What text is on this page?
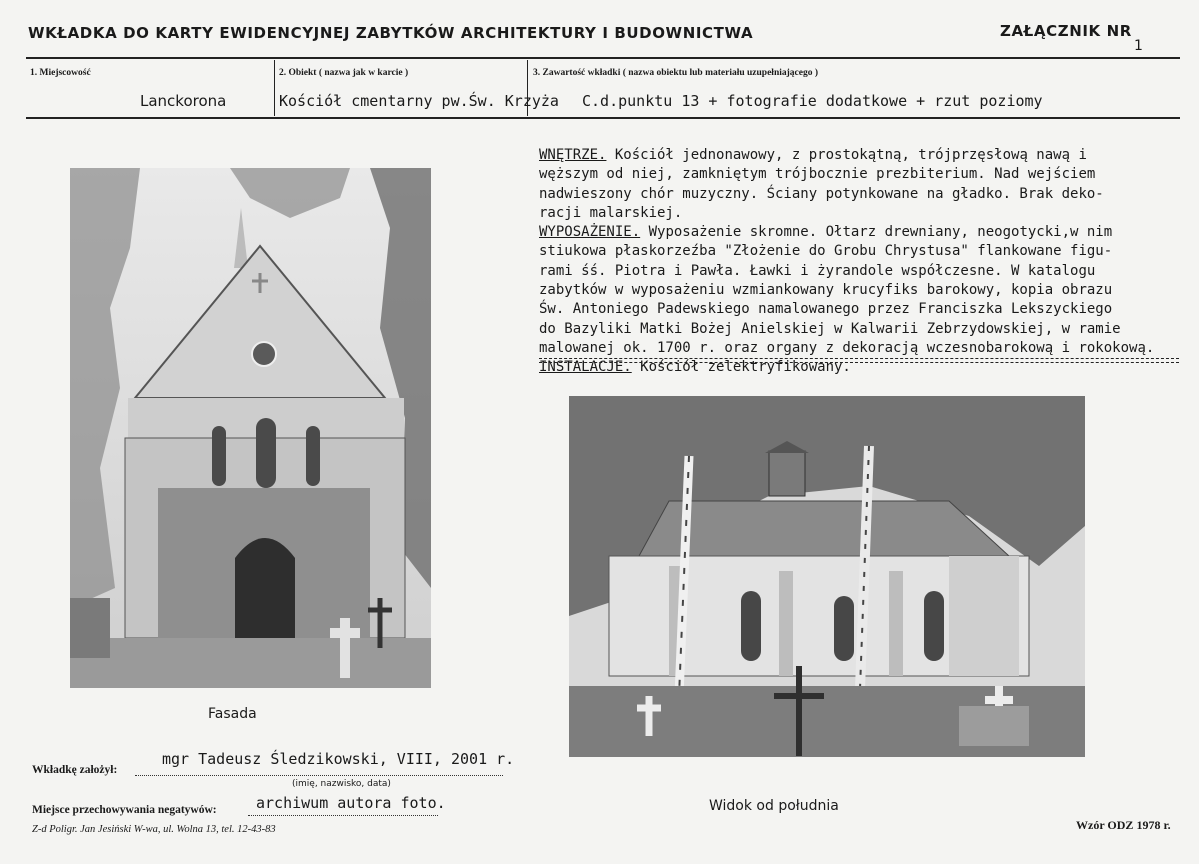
WKŁADKA DO KARTY EWIDENCYJNEJ ZABYTKÓW ARCHITEKTURY I BUDOWNICTWA	ZAŁĄCZNIK NR
1
1. Miejscowość
Lanckorona
2. Obiekt ( nazwa jak w karcie )
Kościół cmentarny pw.Św. Krzyża
3. Zawartość wkładki ( nazwa obiektu lub materiału uzupełniającego )
C.d.punktu 13 + fotografie dodatkowe + rzut poziomy
WNĘTRZE. Kościół jednonawowy, z prostokątną, trójprzęsłową nawą i
węższym od niej, zamkniętym trójbocznie prezbiterium. Nad wejściem
nadwieszony chór muzyczny. Ściany potynkowane na gładko. Brak deko-
racji malarskiej.
WYPOSAŻENIE. Wyposażenie skromne. Ołtarz drewniany, neogotycki,w nim
stiukowa płaskorzeźba "Złożenie do Grobu Chrystusa" flankowane figu-
rami śś. Piotra i Pawła. Ławki i żyrandole współczesne. W katalogu
zabytków w wyposażeniu wzmiankowany krucyfiks barokowy, kopia obrazu
Św. Antoniego Padewskiego namalowanego przez Franciszka Lekszyckiego
do Bazyliki Matki Bożej Anielskiej w Kalwarii Zebrzydowskiej, w ramie
malowanej ok. 1700 r. oraz organy z dekoracją wczesnobarokową i rokokową.
INSTALACJE. Kościół zelektryfikowany.
Fasada
Widok od południa
Wkładkę założył:
mgr Tadeusz Śledzikowski, VIII, 2001 r.
(imię, nazwisko, data)
Miejsce przechowywania negatywów:	archiwum autora foto.
Z-d Poligr. Jan Jesiński W-wa, ul. Wolna 13, tel. 12-43-83	Wzór ODZ 1978 r.
